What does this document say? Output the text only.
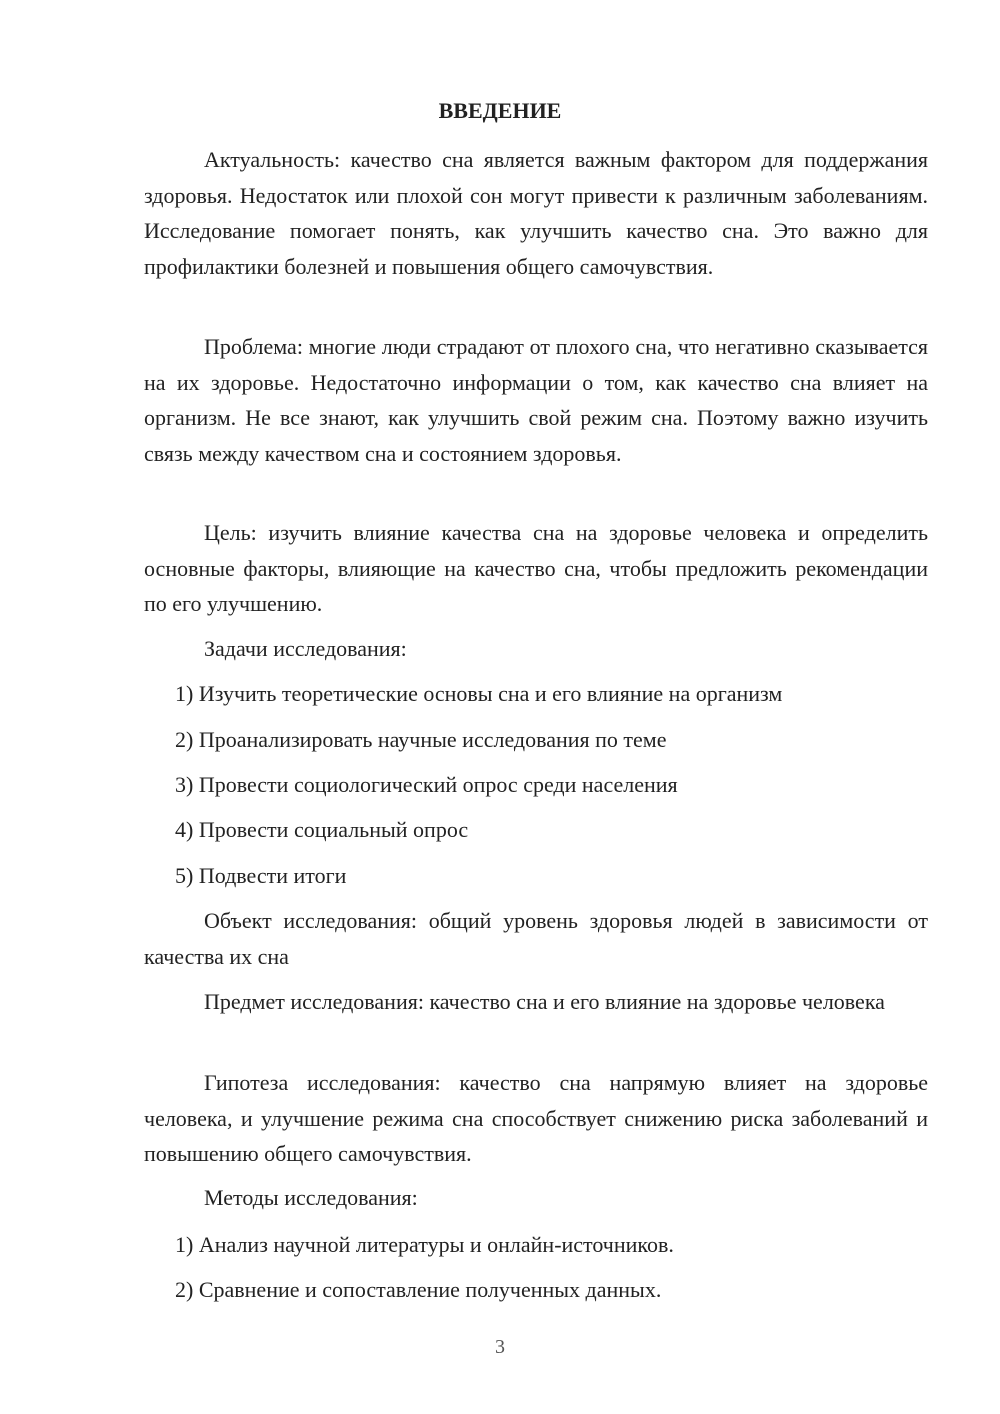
ВВЕДЕНИЕ

Актуальность: качество сна является важным фактором для поддержания здоровья. Недостаток или плохой сон могут привести к различным заболеваниям. Исследование помогает понять, как улучшить качество сна. Это важно для профилактики болезней и повышения общего самочувствия.

Проблема: многие люди страдают от плохого сна, что негативно сказывается на их здоровье. Недостаточно информации о том, как качество сна влияет на организм. Не все знают, как улучшить свой режим сна. Поэтому важно изучить связь между качеством сна и состоянием здоровья.

Цель: изучить влияние качества сна на здоровье человека и определить основные факторы, влияющие на качество сна, чтобы предложить рекомендации по его улучшению.

Задачи исследования:

1) Изучить теоретические основы сна и его влияние на организм

2) Проанализировать научные исследования по теме

3) Провести социологический опрос среди населения

4) Провести социальный опрос

5) Подвести итоги

Объект исследования: общий уровень здоровья людей в зависимости от качества их сна

Предмет исследования: качество сна и его влияние на здоровье человека

Гипотеза исследования: качество сна напрямую влияет на здоровье человека, и улучшение режима сна способствует снижению риска заболеваний и повышению общего самочувствия.

Методы исследования:

1) Анализ научной литературы и онлайн-источников.

2) Сравнение и сопоставление полученных данных.

3
